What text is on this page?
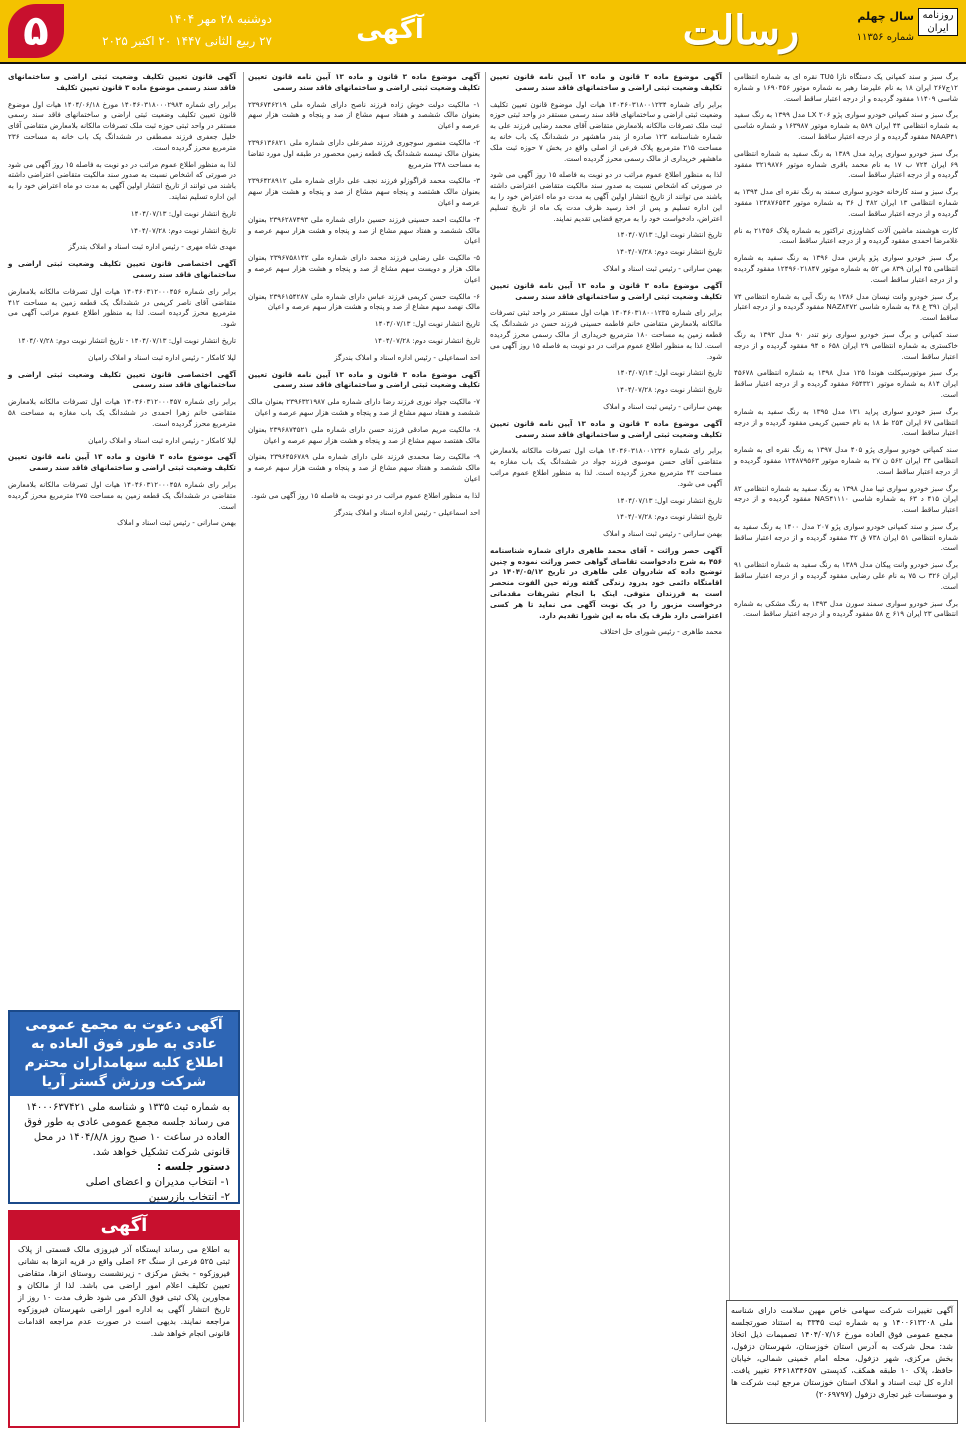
۵	دوشنبه ۲۸ مهر ۱۴۰۴
۲۷ ربیع الثانی ۱۴۴۷ ۲۰ اکتبر ۲۰۲۵	آگهی	رسالت	روزنامه
ایران
سال چهلم
شماره ۱۱۳۵۶
برگ سبز و سند کمپانی یک دستگاه نازا TU۵ نقره ای به شماره انتظامی ۱۲ج۲۶۷ ایران ۱۸ به نام علیرضا رهبر به شماره موتور ۱۶۹۰۳۵۶ و شماره شاسی ۱۱۴۰۹ مفقود گردیده و از درجه اعتبار ساقط است.
برگ سبز و سند کمپانی خودرو سواری پژو LX ۲۰۶ مدل ۱۳۹۹ به رنگ سفید به شماره انتظامی ۴۴ ایران ۵۸۹ به شماره موتور ۱۶۳۹۸۷ و شماره شاسی NAAP۴۱ مفقود گردیده و از درجه اعتبار ساقط است.
برگ سبز خودرو سواری پراید مدل ۱۳۸۹ به رنگ سفید به شماره انتظامی ۶۹ ایران ۷۲۴ ب ۱۷ به نام محمد باقری شماره موتور ۳۲۱۹۸۷۶ مفقود گردیده و از درجه اعتبار ساقط است.
برگ سبز و سند کارخانه خودرو سواری سمند به رنگ نقره ای مدل ۱۳۹۴ به شماره انتظامی ۱۳ ایران ۴۸۲ ل ۳۶ به شماره موتور ۱۲۴۸۷۶۵۴۳ مفقود گردیده و از درجه اعتبار ساقط است.
کارت هوشمند ماشین آلات کشاورزی تراکتور به شماره پلاک ۲۱۴۵۶ به نام غلامرضا احمدی مفقود گردیده و از درجه اعتبار ساقط است.
برگ سبز خودرو سواری پژو پارس مدل ۱۳۹۶ به رنگ سفید به شماره انتظامی ۴۵ ایران ۸۳۹ ص ۵۲ به شماره موتور ۱۲۴۹۶۰۲۱۸۴۷ مفقود گردیده و از درجه اعتبار ساقط است.
برگ سبز خودرو وانت نیسان مدل ۱۳۸۶ به رنگ آبی به شماره انتظامی ۷۴ ایران ۳۹۱ ع ۴۸ به شماره شاسی NAZ۸۴۷۲ مفقود گردیده و از درجه اعتبار ساقط است.
سند کمپانی و برگ سبز خودرو سواری رنو تندر ۹۰ مدل ۱۳۹۲ به رنگ خاکستری به شماره انتظامی ۲۹ ایران ۶۵۸ ه ۹۴ مفقود گردیده و از درجه اعتبار ساقط است.
برگ سبز موتورسیکلت هوندا ۱۲۵ مدل ۱۳۹۸ به شماره انتظامی ۴۵۶۷۸ ایران ۸۱۴ به شماره موتور ۶۵۴۳۲۱ مفقود گردیده و از درجه اعتبار ساقط است.
برگ سبز خودرو سواری پراید ۱۳۱ مدل ۱۳۹۵ به رنگ سفید به شماره انتظامی ۶۷ ایران ۲۵۴ ط ۱۸ به نام حسین کریمی مفقود گردیده و از درجه اعتبار ساقط است.
سند کمپانی خودرو سواری پژو ۴۰۵ مدل ۱۳۹۷ به رنگ نقره ای به شماره انتظامی ۳۴ ایران ۵۶۲ ن ۲۷ به شماره موتور ۱۲۴۸۷۹۵۶۳ مفقود گردیده و از درجه اعتبار ساقط است.
برگ سبز خودرو سواری تیبا مدل ۱۳۹۸ به رنگ سفید به شماره انتظامی ۸۲ ایران ۴۱۵ د ۶۳ به شماره شاسی NAS۴۱۱۱۰ مفقود گردیده و از درجه اعتبار ساقط است.
برگ سبز و سند کمپانی خودرو سواری پژو ۲۰۷ مدل ۱۴۰۰ به رنگ سفید به شماره انتظامی ۵۱ ایران ۷۳۸ ق ۴۲ مفقود گردیده و از درجه اعتبار ساقط است.
برگ سبز خودرو وانت پیکان مدل ۱۳۸۹ به رنگ سفید به شماره انتظامی ۹۱ ایران ۳۲۶ ب ۷۵ به نام علی رضایی مفقود گردیده و از درجه اعتبار ساقط است.
برگ سبز خودرو سواری سمند سورن مدل ۱۳۹۳ به رنگ مشکی به شماره انتظامی ۲۳ ایران ۶۱۹ ج ۵۸ مفقود گردیده و از درجه اعتبار ساقط است.
آگهی موضوع ماده ۳ قانون و ماده ۱۳ آیین نامه قانون تعیین تکلیف وضعیت ثبتی اراضی و ساختمانهای فاقد سند رسمی
برابر رای شماره ۱۴۰۴۶۰۳۱۸۰۰۱۲۳۴ هیات اول موضوع قانون تعیین تکلیف وضعیت ثبتی اراضی و ساختمانهای فاقد سند رسمی مستقر در واحد ثبتی حوزه ثبت ملک تصرفات مالکانه بلامعارض متقاضی آقای محمد رضایی فرزند علی به شماره شناسنامه ۱۲۳ صادره از بندر ماهشهر در ششدانگ یک باب خانه به مساحت ۲۱۵ مترمربع پلاک فرعی از اصلی واقع در بخش ۷ حوزه ثبت ملک ماهشهر خریداری از مالک رسمی محرز گردیده است.
لذا به منظور اطلاع عموم مراتب در دو نوبت به فاصله ۱۵ روز آگهی می شود در صورتی که اشخاص نسبت به صدور سند مالکیت متقاضی اعتراضی داشته باشند می توانند از تاریخ انتشار اولین آگهی به مدت دو ماه اعتراض خود را به این اداره تسلیم و پس از اخذ رسید ظرف مدت یک ماه از تاریخ تسلیم اعتراض، دادخواست خود را به مرجع قضایی تقدیم نمایند.
تاریخ انتشار نوبت اول: ۱۴۰۴/۰۷/۱۳
تاریخ انتشار نوبت دوم: ۱۴۰۴/۰۷/۲۸
بهمن سارانی - رئیس ثبت اسناد و املاک
آگهی موضوع ماده ۳ قانون و ماده ۱۳ آیین نامه قانون تعیین تکلیف وضعیت ثبتی اراضی و ساختمانهای فاقد سند رسمی
برابر رای شماره ۱۴۰۴۶۰۳۱۸۰۰۱۲۳۵ هیات اول مستقر در واحد ثبتی تصرفات مالکانه بلامعارض متقاضی خانم فاطمه حسینی فرزند حسن در ششدانگ یک قطعه زمین به مساحت ۱۸۰ مترمربع خریداری از مالک رسمی محرز گردیده است. لذا به منظور اطلاع عموم مراتب در دو نوبت به فاصله ۱۵ روز آگهی می شود.
تاریخ انتشار نوبت اول: ۱۴۰۴/۰۷/۱۳
تاریخ انتشار نوبت دوم: ۱۴۰۴/۰۷/۲۸
بهمن سارانی - رئیس ثبت اسناد و املاک
آگهی موضوع ماده ۳ قانون و ماده ۱۳ آیین نامه قانون تعیین تکلیف وضعیت ثبتی اراضی و ساختمانهای فاقد سند رسمی
برابر رای شماره ۱۴۰۴۶۰۳۱۸۰۰۱۲۳۶ هیات اول تصرفات مالکانه بلامعارض متقاضی آقای حسن موسوی فرزند جواد در ششدانگ یک باب مغازه به مساحت ۴۲ مترمربع محرز گردیده است. لذا به منظور اطلاع عموم مراتب آگهی می شود.
تاریخ انتشار نوبت اول: ۱۴۰۴/۰۷/۱۳
تاریخ انتشار نوبت دوم: ۱۴۰۴/۰۷/۲۸
بهمن سارانی - رئیس ثبت اسناد و املاک
آگهی حصر وراثت - آقای محمد طاهری دارای شماره شناسنامه ۴۵۶ به شرح دادخواست تقاضای گواهی حصر وراثت نموده و چنین توضیح داده که شادروان علی طاهری در تاریخ ۱۴۰۴/۰۵/۱۲ در اقامتگاه دائمی خود بدرود زندگی گفته ورثه حین الفوت منحصر است به فرزندان متوفی. اینک با انجام تشریفات مقدماتی درخواست مزبور را در یک نوبت آگهی می نماید تا هر کسی اعتراضی دارد ظرف یک ماه به این شورا تقدیم دارد.
محمد طاهری - رئیس شورای حل اختلاف
آگهی موضوع ماده ۳ قانون و ماده ۱۳ آیین نامه قانون تعیین تکلیف وضعیت ثبتی اراضی و ساختمانهای فاقد سند رسمی
۱- مالکیت دولت خوش زاده فرزند ناصح دارای شماره ملی ۲۳۹۶۷۴۶۲۱۹ بعنوان مالک ششصد و هفتاد سهم مشاع از صد و پنجاه و هشت هزار سهم عرصه و اعیان
۲- مالکیت منصور سوجوری فرزند صفرعلی دارای شماره ملی ۲۳۹۶۱۳۶۸۲۱ بعنوان مالک نیمسه ششدانگ یک قطعه زمین محصور در طبقه اول مورد تقاضا به مساحت ۲۴۸ مترمربع
۳- مالکیت محمد قراگوزلو فرزند نجف علی دارای شماره ملی ۲۳۹۶۴۲۸۹۱۲ بعنوان مالک هشتصد و پنجاه سهم مشاع از صد و پنجاه و هشت هزار سهم عرصه و اعیان
۴- مالکیت احمد حسینی فرزند حسین دارای شماره ملی ۲۳۹۶۲۸۷۴۹۳ بعنوان مالک ششصد و هفتاد سهم مشاع از صد و پنجاه و هشت هزار سهم عرصه و اعیان
۵- مالکیت علی رضایی فرزند محمد دارای شماره ملی ۲۳۹۶۷۵۸۱۴۲ بعنوان مالک هزار و دویست سهم مشاع از صد و پنجاه و هشت هزار سهم عرصه و اعیان
۶- مالکیت حسن کریمی فرزند عباس دارای شماره ملی ۲۳۹۶۱۵۴۲۸۷ بعنوان مالک نهصد سهم مشاع از صد و پنجاه و هشت هزار سهم عرصه و اعیان
تاریخ انتشار نوبت اول: ۱۴۰۴/۰۷/۱۳
تاریخ انتشار نوبت دوم: ۱۴۰۴/۰۷/۲۸
احد اسماعیلی - رئیس اداره اسناد و املاک بندرگز
آگهی موضوع ماده ۳ قانون و ماده ۱۳ آیین نامه قانون تعیین تکلیف وضعیت ثبتی اراضی و ساختمانهای فاقد سند رسمی
۷- مالکیت جواد نوری فرزند رضا دارای شماره ملی ۲۳۹۶۳۲۱۹۸۷ بعنوان مالک ششصد و هفتاد سهم مشاع از صد و پنجاه و هشت هزار سهم عرصه و اعیان
۸- مالکیت مریم صادقی فرزند حسن دارای شماره ملی ۲۳۹۶۸۷۴۵۲۱ بعنوان مالک هفتصد سهم مشاع از صد و پنجاه و هشت هزار سهم عرصه و اعیان
۹- مالکیت رضا محمدی فرزند علی دارای شماره ملی ۲۳۹۶۴۵۶۷۸۹ بعنوان مالک ششصد و هفتاد سهم مشاع از صد و پنجاه و هشت هزار سهم عرصه و اعیان
لذا به منظور اطلاع عموم مراتب در دو نوبت به فاصله ۱۵ روز آگهی می شود.
احد اسماعیلی - رئیس اداره اسناد و املاک بندرگز
آگهی قانون تعیین تکلیف وضعیت ثبتی اراضی و ساختمانهای فاقد سند رسمی موضوع ماده ۳ قانون تعیین تکلیف
برابر رای شماره ۱۴۰۴۶۰۳۱۸۰۰۰۲۹۸۴ مورخ ۱۴۰۴/۰۶/۱۸ هیات اول موضوع قانون تعیین تکلیف وضعیت ثبتی اراضی و ساختمانهای فاقد سند رسمی مستقر در واحد ثبتی حوزه ثبت ملک تصرفات مالکانه بلامعارض متقاضی آقای خلیل جعفری فرزند مصطفی در ششدانگ یک باب خانه به مساحت ۲۳۶ مترمربع محرز گردیده است.
لذا به منظور اطلاع عموم مراتب در دو نوبت به فاصله ۱۵ روز آگهی می شود در صورتی که اشخاص نسبت به صدور سند مالکیت متقاضی اعتراضی داشته باشند می توانند از تاریخ انتشار اولین آگهی به مدت دو ماه اعتراض خود را به این اداره تسلیم نمایند.
تاریخ انتشار نوبت اول: ۱۴۰۴/۰۷/۱۳
تاریخ انتشار نوبت دوم: ۱۴۰۴/۰۷/۲۸
مهدی شاه مهری - رئیس اداره ثبت اسناد و املاک بندرگز
آگهی اختصاصی قانون تعیین تکلیف وضعیت ثبتی اراضی و ساختمانهای فاقد سند رسمی
برابر رای شماره ۱۴۰۴۶۰۳۱۲۰۰۰۴۵۶ هیات اول تصرفات مالکانه بلامعارض متقاضی آقای ناصر کریمی در ششدانگ یک قطعه زمین به مساحت ۴۱۲ مترمربع محرز گردیده است. لذا به منظور اطلاع عموم مراتب آگهی می شود.
تاریخ انتشار نوبت اول: ۱۴۰۴/۰۷/۱۳ - تاریخ انتشار نوبت دوم: ۱۴۰۴/۰۷/۲۸
لیلا کامکار - رئیس اداره ثبت اسناد و املاک رامیان
آگهی اختصاصی قانون تعیین تکلیف وضعیت ثبتی اراضی و ساختمانهای فاقد سند رسمی
برابر رای شماره ۱۴۰۴۶۰۳۱۲۰۰۰۴۵۷ هیات اول تصرفات مالکانه بلامعارض متقاضی خانم زهرا احمدی در ششدانگ یک باب مغازه به مساحت ۵۸ مترمربع محرز گردیده است.
لیلا کامکار - رئیس اداره ثبت اسناد و املاک رامیان
آگهی موضوع ماده ۳ قانون و ماده ۱۳ آیین نامه قانون تعیین تکلیف وضعیت ثبتی اراضی و ساختمانهای فاقد سند رسمی
برابر رای شماره ۱۴۰۴۶۰۳۱۲۰۰۰۴۵۸ هیات اول تصرفات مالکانه بلامعارض متقاضی در ششدانگ یک قطعه زمین به مساحت ۲۷۵ مترمربع محرز گردیده است.
بهمن سارانی - رئیس ثبت اسناد و املاک
آگهی دعوت به مجمع عمومی عادی به طور فوق العاده به اطلاع کلیه سهامداران محترم شرکت ورزش گستر آریا
به شماره ثبت ۱۳۳۵ و شناسه ملی ۱۴۰۰۰۶۳۷۴۲۱ می رساند جلسه مجمع عمومی عادی به طور فوق العاده در ساعت ۱۰ صبح روز ۱۴۰۴/۸/۸ در محل قانونی شرکت تشکیل خواهد شد.
دستور جلسه :
۱- انتخاب مدیران و اعضای اصلی
۲- انتخاب بازرسین
آگهی
به اطلاع می رساند ایستگاه آذر فیروزی مالک قسمتی از پلاک ثبتی ۵۲۵ فرعی از سنگ ۶۳ اصلی واقع در قریه انزها به نشانی فیروزکوه - بخش مرکزی - زیرنشست روستای انزها، متقاضی تعیین تکلیف اعلام امور اراضی می باشد. لذا از مالکان و مجاورین پلاک ثبتی فوق الذکر می شود ظرف مدت ۱۰ روز از تاریخ انتشار آگهی به اداره امور اراضی شهرستان فیروزکوه مراجعه نمایند. بدیهی است در صورت عدم مراجعه اقدامات قانونی انجام خواهد شد.
آگهی تغییرات شرکت سهامی خاص مهین سلامت دارای شناسه ملی ۱۴۰۰۶۱۳۲۰۸ و به شماره ثبت ۳۳۴۵ به استناد صورتجلسه مجمع عمومی فوق العاده مورخ ۱۴۰۴/۰۷/۱۶ تصمیمات ذیل اتخاذ شد: محل شرکت به آدرس استان خوزستان، شهرستان دزفول، بخش مرکزی، شهر دزفول، محله امام خمینی شمالی، خیابان حافظ، پلاک ۱۰ طبقه همکف، کدپستی ۶۴۶۱۸۳۴۶۵۷ تغییر یافت. اداره کل ثبت اسناد و املاک استان خوزستان مرجع ثبت شرکت ها و موسسات غیر تجاری دزفول (۲۰۶۹۷۹۷)
